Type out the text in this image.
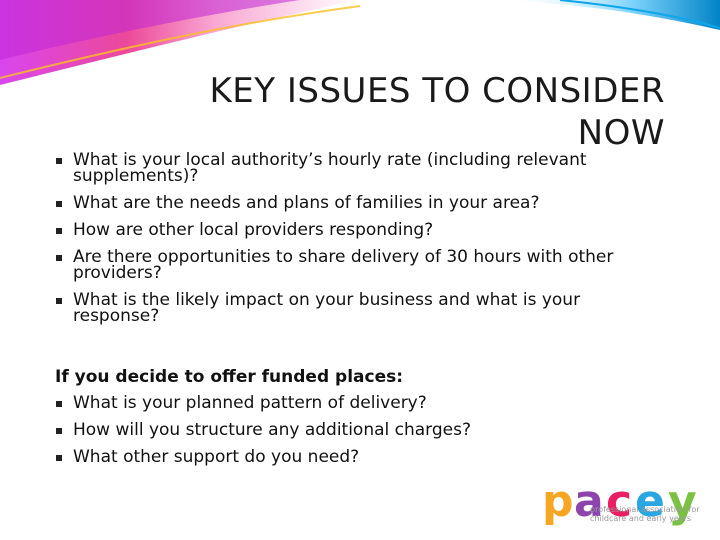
KEY ISSUES TO CONSIDER
NOW
What is your local authority’s hourly rate (including relevant supplements)?
What are the needs and plans of families in your area?
How are other local providers responding?
Are there opportunities to share delivery of 30 hours with other providers?
What is the likely impact on your business and what is your response?
If you decide to offer funded places:
What is your planned pattern of delivery?
How will you structure any additional charges?
What other support do you need?
p a c e y
professional association for
childcare and early years
